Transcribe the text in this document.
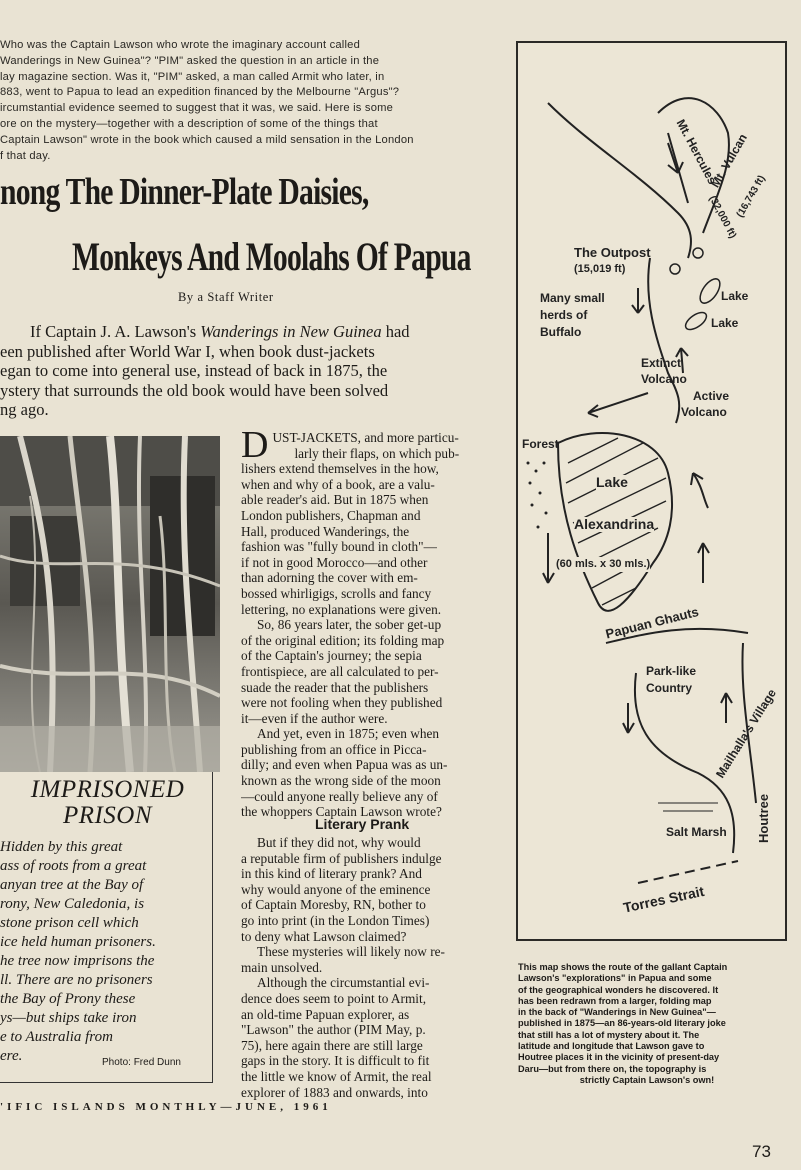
Who was the Captain Lawson who wrote the imaginary account called
Wanderings in New Guinea"? "PIM" asked the question in an article in the
lay magazine section. Was it, "PIM" asked, a man called Armit who later, in
883, went to Papua to lead an expedition financed by the Melbourne "Argus"?
ircumstantial evidence seemed to suggest that it was, we said. Here is some
ore on the mystery—together with a description of some of the things that
Captain Lawson" wrote in the book which caused a mild sensation in the London
f that day.
nong The Dinner-Plate Daisies,
Monkeys And Moolahs Of Papua
By a Staff Writer
If Captain J. A. Lawson's Wanderings in New Guinea had
een published after World War I, when book dust-jackets
egan to come into general use, instead of back in 1875, the
ystery that surrounds the old book would have been solved
ng ago.
IMPRISONED
PRISON
Hidden by this great
ass of roots from a great
anyan tree at the Bay of
rony, New Caledonia, is
stone prison cell which
ice held human prisoners.
he tree now imprisons the
ll. There are no prisoners
the Bay of Prony these
ys—but ships take iron
e to Australia from
ere.	Photo: Fred Dunn
D UST-JACKETS, and more particu-
larly their flaps, on which pub-
lishers extend themselves in the how,
when and why of a book, are a valu-
able reader's aid. But in 1875 when
London publishers, Chapman and
Hall, produced Wanderings, the
fashion was "fully bound in cloth"—
if not in good Morocco—and other
than adorning the cover with em-
bossed whirligigs, scrolls and fancy
lettering, no explanations were given.
So, 86 years later, the sober get-up
of the original edition; its folding map
of the Captain's journey; the sepia
frontispiece, are all calculated to per-
suade the reader that the publishers
were not fooling when they published
it—even if the author were.
And yet, even in 1875; even when
publishing from an office in Picca-
dilly; and even when Papua was as un-
known as the wrong side of the moon
—could anyone really believe any of
the whoppers Captain Lawson wrote?
Literary Prank
But if they did not, why would
a reputable firm of publishers indulge
in this kind of literary prank? And
why would anyone of the eminence
of Captain Moresby, RN, bother to
go into print (in the London Times)
to deny what Lawson claimed?
These mysteries will likely now re-
main unsolved.
Although the circumstantial evi-
dence does seem to point to Armit,
an old-time Papuan explorer, as
"Lawson" the author (PIM May, p.
75), here again there are still large
gaps in the story. It is difficult to fit
the little we know of Armit, the real
explorer of 1883 and onwards, into
Mt. Hercules
(32,000 ft)
Mt. Vulcan
(16,743 ft)
The Outpost
(15,019 ft)
Many small
herds of
Buffalo
Lake
Lake
Extinct
Volcano
Active
Volcano
Forest
Lake
Alexandrina
(60 mls. x 30 mls.)
Papuan Ghauts
Park-like
Country Mailhalla's Village
Houtree
Salt Marsh
Torres Strait
This map shows the route of the gallant Captain
Lawson's "explorations" in Papua and some
of the geographical wonders he discovered. It
has been redrawn from a larger, folding map
in the back of "Wanderings in New Guinea"—
published in 1875—an 86-years-old literary joke
that still has a lot of mystery about it. The
latitude and longitude that Lawson gave to
Houtree places it in the vicinity of present-day
Daru—but from there on, the topography is
strictly Captain Lawson's own!
'IFIC ISLANDS MONTHLY—JUNE, 1961
73
